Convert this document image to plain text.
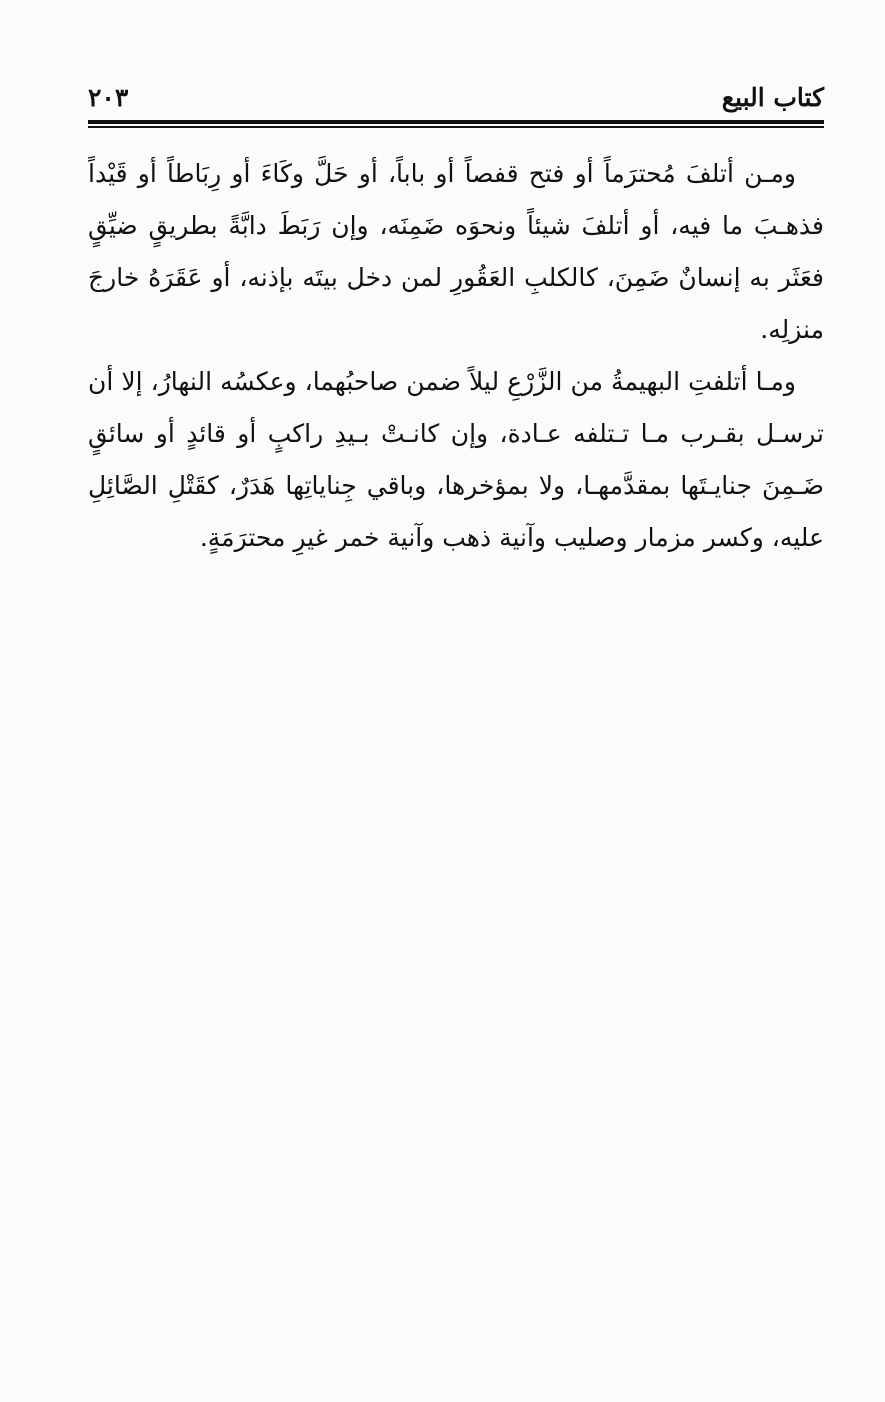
كتاب البيع
٢٠٣

ومـن أتلفَ مُحترَماً أو فتح قفصاً أو باباً، أو حَلَّ وكَاءَ أو رِبَاطاً أو قَيْداً فذهـبَ ما فيه، أو أتلفَ شيئاً ونحوَه ضَمِنَه، وإن رَبَطَ دابَّةً بطريقٍ ضيِّقٍ فعَثَر به إنسانٌ ضَمِنَ، كالكلبِ العَقُورِ لمن دخل بيتَه بإذنه، أو عَقَرَهُ خارجَ منزلِه.

ومـا أتلفتِ البهيمةُ من الزَّرْعِ ليلاً ضمن صاحبُهما، وعكسُه النهارُ، إلا أن ترسـل بقـرب مـا تـتلفه عـادة، وإن كانـتْ بـيدِ راكبٍ أو قائدٍ أو سائقٍ ضَـمِنَ جنايـتَها بمقدَّمهـا، ولا بمؤخرها، وباقي جِناياتِها هَدَرٌ، كقَتْلِ الصَّائِلِ عليه، وكسر مزمار وصليب وآنية ذهب وآنية خمر غيرِ محترَمَةٍ.
